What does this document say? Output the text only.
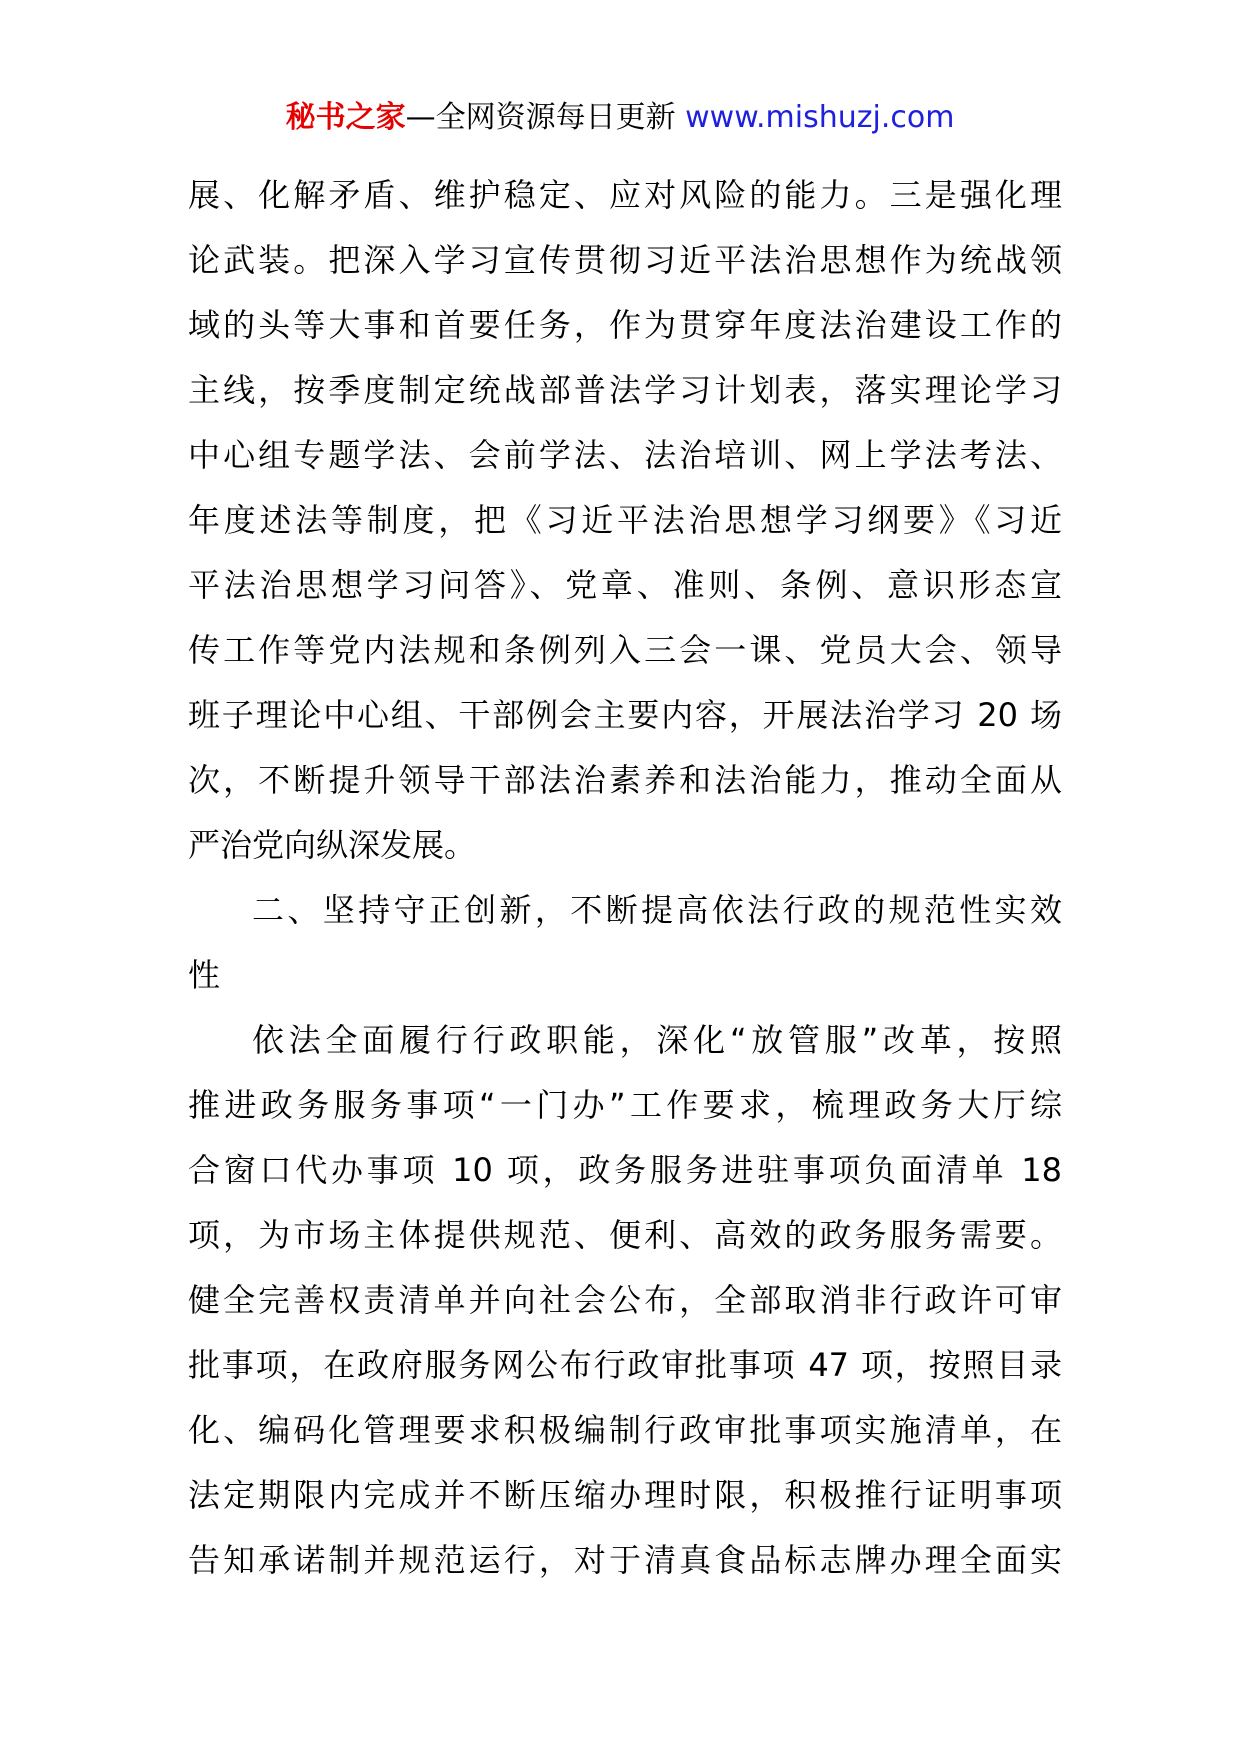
秘书之家—全网资源每日更新 www.mishuzj.com
展、化解矛盾、维护稳定、应对风险的能力。三是强化理
论武装。把深入学习宣传贯彻习近平法治思想作为统战领
域的头等大事和首要任务，作为贯穿年度法治建设工作的
主线，按季度制定统战部普法学习计划表，落实理论学习
中心组专题学法、会前学法、法治培训、网上学法考法、
年度述法等制度，把《习近平法治思想学习纲要》《习近
平法治思想学习问答》、党章、准则、条例、意识形态宣
传工作等党内法规和条例列入三会一课、党员大会、领导
班子理论中心组、干部例会主要内容，开展法治学习 20 场
次，不断提升领导干部法治素养和法治能力，推动全面从
严治党向纵深发展。
二、坚持守正创新，不断提高依法行政的规范性实效
性
依法全面履行行政职能，深化“放管服”改革，按照
推进政务服务事项“一门办”工作要求，梳理政务大厅综
合窗口代办事项 10 项，政务服务进驻事项负面清单 18
项，为市场主体提供规范、便利、高效的政务服务需要。
健全完善权责清单并向社会公布，全部取消非行政许可审
批事项，在政府服务网公布行政审批事项 47 项，按照目录
化、编码化管理要求积极编制行政审批事项实施清单，在
法定期限内完成并不断压缩办理时限，积极推行证明事项
告知承诺制并规范运行，对于清真食品标志牌办理全面实
